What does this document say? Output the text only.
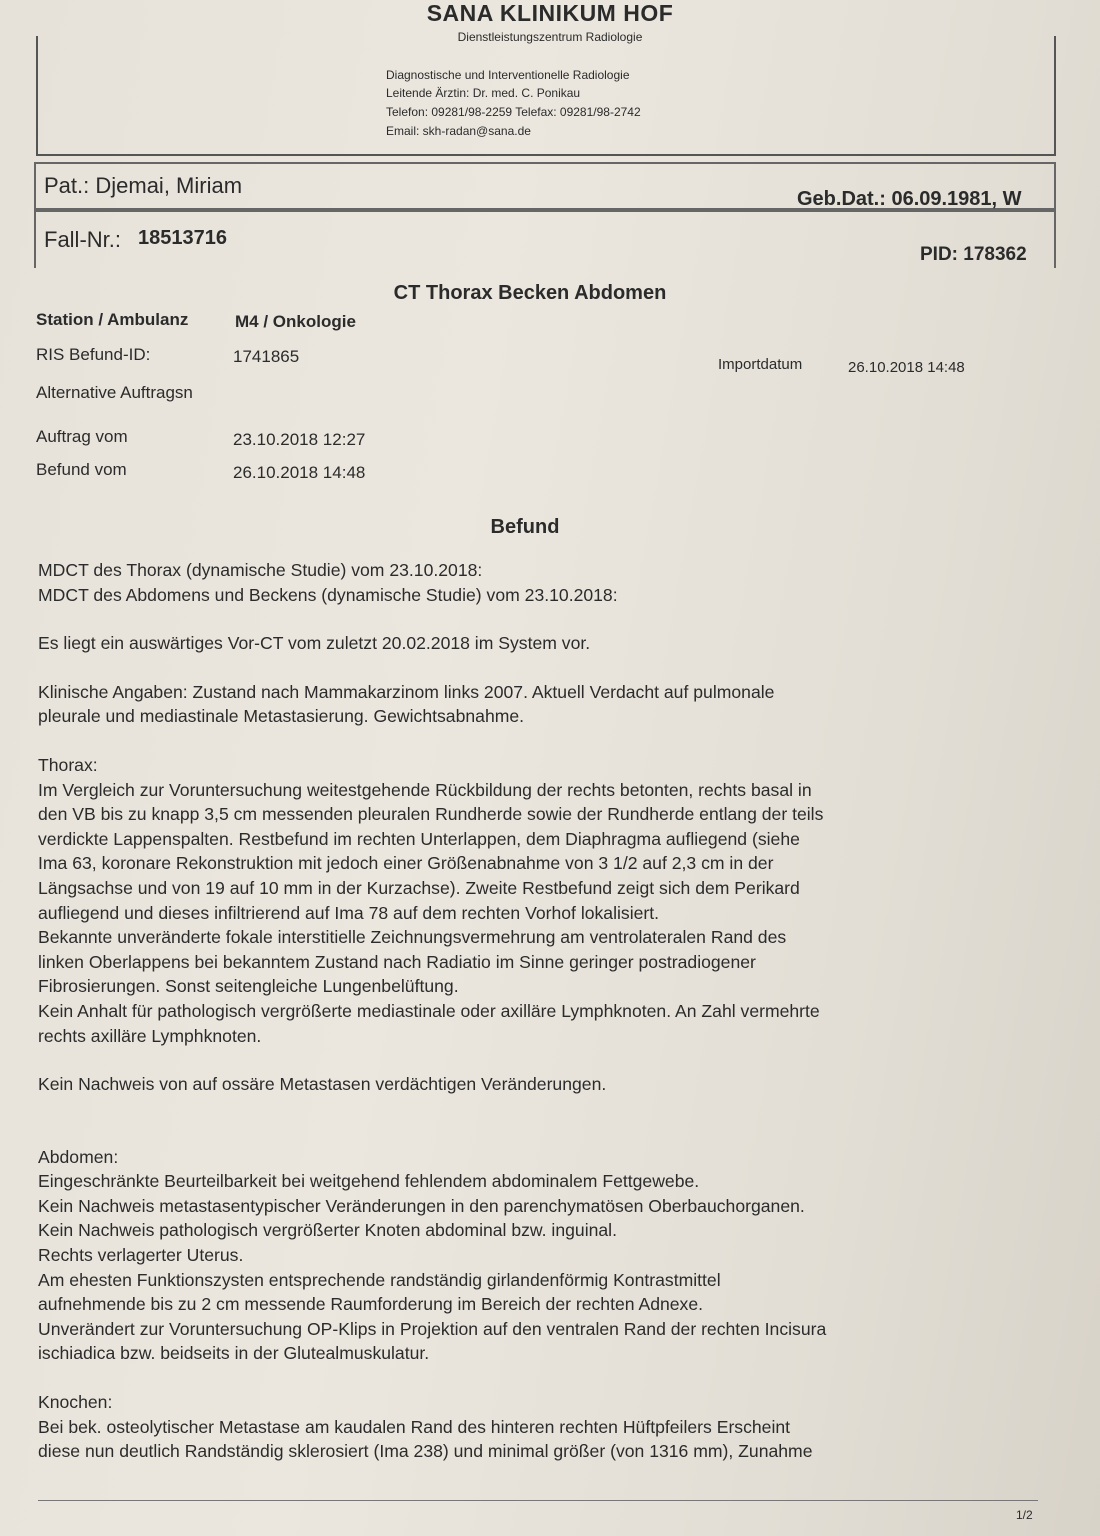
SANA KLINIKUM HOF
Dienstleistungszentrum Radiologie
Diagnostische und Interventionelle Radiologie
Leitende Ärztin: Dr. med. C. Ponikau
Telefon: 09281/98-2259 Telefax: 09281/98-2742
Email: skh-radan@sana.de
Pat.: Djemai, Miriam
Geb.Dat.: 06.09.1981, W
Fall-Nr.: 18513716
PID: 178362
CT Thorax Becken Abdomen
Station / Ambulanz	M4 / Onkologie
RIS Befund-ID:	1741865	Importdatum	26.10.2018 14:48
Alternative Auftragsn
Auftrag vom	23.10.2018 12:27
Befund vom	26.10.2018 14:48
Befund

MDCT des Thorax (dynamische Studie) vom 23.10.2018:

MDCT des Abdomens und Beckens (dynamische Studie) vom 23.10.2018:

Es liegt ein auswärtiges Vor-CT vom zuletzt 20.02.2018 im System vor.

Klinische Angaben: Zustand nach Mammakarzinom links 2007. Aktuell Verdacht auf pulmonale

pleurale und mediastinale Metastasierung. Gewichtsabnahme.

Thorax:

Im Vergleich zur Voruntersuchung weitestgehende Rückbildung der rechts betonten, rechts basal in

den VB bis zu knapp 3,5 cm messenden pleuralen Rundherde sowie der Rundherde entlang der teils

verdickte Lappenspalten. Restbefund im rechten Unterlappen, dem Diaphragma aufliegend (siehe

Ima 63, koronare Rekonstruktion mit jedoch einer Größenabnahme von 3 1/2 auf 2,3 cm in der

Längsachse und von 19 auf 10 mm in der Kurzachse). Zweite Restbefund zeigt sich dem Perikard

aufliegend und dieses infiltrierend auf Ima 78 auf dem rechten Vorhof lokalisiert.

Bekannte unveränderte fokale interstitielle Zeichnungsvermehrung am ventrolateralen Rand des

linken Oberlappens bei bekanntem Zustand nach Radiatio im Sinne geringer postradiogener

Fibrosierungen. Sonst seitengleiche Lungenbelüftung.

Kein Anhalt für pathologisch vergrößerte mediastinale oder axilläre Lymphknoten. An Zahl vermehrte

rechts axilläre Lymphknoten.

Kein Nachweis von auf ossäre Metastasen verdächtigen Veränderungen.

Abdomen:

Eingeschränkte Beurteilbarkeit bei weitgehend fehlendem abdominalem Fettgewebe.

Kein Nachweis metastasentypischer Veränderungen in den parenchymatösen Oberbauchorganen.

Kein Nachweis pathologisch vergrößerter Knoten abdominal bzw. inguinal.

Rechts verlagerter Uterus.

Am ehesten Funktionszysten entsprechende randständig girlandenförmig Kontrastmittel

aufnehmende bis zu 2 cm messende Raumforderung im Bereich der rechten Adnexe.

Unverändert zur Voruntersuchung OP-Klips in Projektion auf den ventralen Rand der rechten Incisura

ischiadica bzw. beidseits in der Glutealmuskulatur.

Knochen:

Bei bek. osteolytischer Metastase am kaudalen Rand des hinteren rechten Hüftpfeilers Erscheint

diese nun deutlich Randständig sklerosiert (Ima 238) und minimal größer (von 1316 mm), Zunahme

1/2
